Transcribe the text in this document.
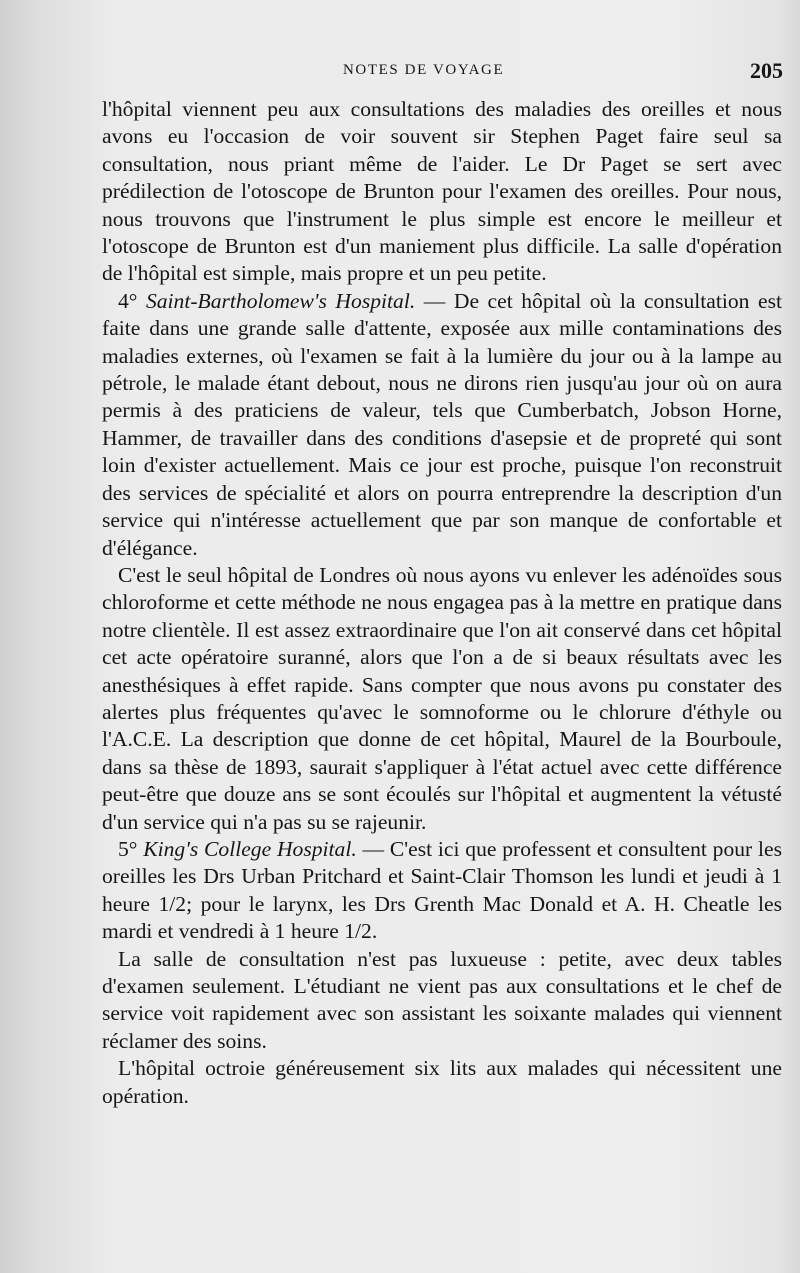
NOTES DE VOYAGE	205

l'hôpital viennent peu aux consultations des maladies des oreilles et nous avons eu l'occasion de voir souvent sir Stephen Paget faire seul sa consultation, nous priant même de l'aider. Le Dr Paget se sert avec prédilection de l'otoscope de Brunton pour l'examen des oreilles. Pour nous, nous trouvons que l'instrument le plus simple est encore le meilleur et l'otoscope de Brunton est d'un maniement plus difficile. La salle d'opération de l'hôpital est simple, mais propre et un peu petite.

4° Saint-Bartholomew's Hospital. — De cet hôpital où la consultation est faite dans une grande salle d'attente, exposée aux mille contaminations des maladies externes, où l'examen se fait à la lumière du jour ou à la lampe au pétrole, le malade étant debout, nous ne dirons rien jusqu'au jour où on aura permis à des praticiens de valeur, tels que Cumberbatch, Jobson Horne, Hammer, de travailler dans des conditions d'asepsie et de propreté qui sont loin d'exister actuellement. Mais ce jour est proche, puisque l'on reconstruit des services de spécialité et alors on pourra entreprendre la description d'un service qui n'intéresse actuellement que par son manque de confortable et d'élégance.

C'est le seul hôpital de Londres où nous ayons vu enlever les adénoïdes sous chloroforme et cette méthode ne nous engagea pas à la mettre en pratique dans notre clientèle. Il est assez extraordinaire que l'on ait conservé dans cet hôpital cet acte opératoire suranné, alors que l'on a de si beaux résultats avec les anesthésiques à effet rapide. Sans compter que nous avons pu constater des alertes plus fréquentes qu'avec le somnoforme ou le chlorure d'éthyle ou l'A.C.E. La description que donne de cet hôpital, Maurel de la Bourboule, dans sa thèse de 1893, saurait s'appliquer à l'état actuel avec cette différence peut-être que douze ans se sont écoulés sur l'hôpital et augmentent la vétusté d'un service qui n'a pas su se rajeunir.

5° King's College Hospital. — C'est ici que professent et consultent pour les oreilles les Drs Urban Pritchard et Saint-Clair Thomson les lundi et jeudi à 1 heure 1/2; pour le larynx, les Drs Grenth Mac Donald et A. H. Cheatle les mardi et vendredi à 1 heure 1/2.

La salle de consultation n'est pas luxueuse : petite, avec deux tables d'examen seulement. L'étudiant ne vient pas aux consultations et le chef de service voit rapidement avec son assistant les soixante malades qui viennent réclamer des soins.

L'hôpital octroie généreusement six lits aux malades qui nécessitent une opération.
